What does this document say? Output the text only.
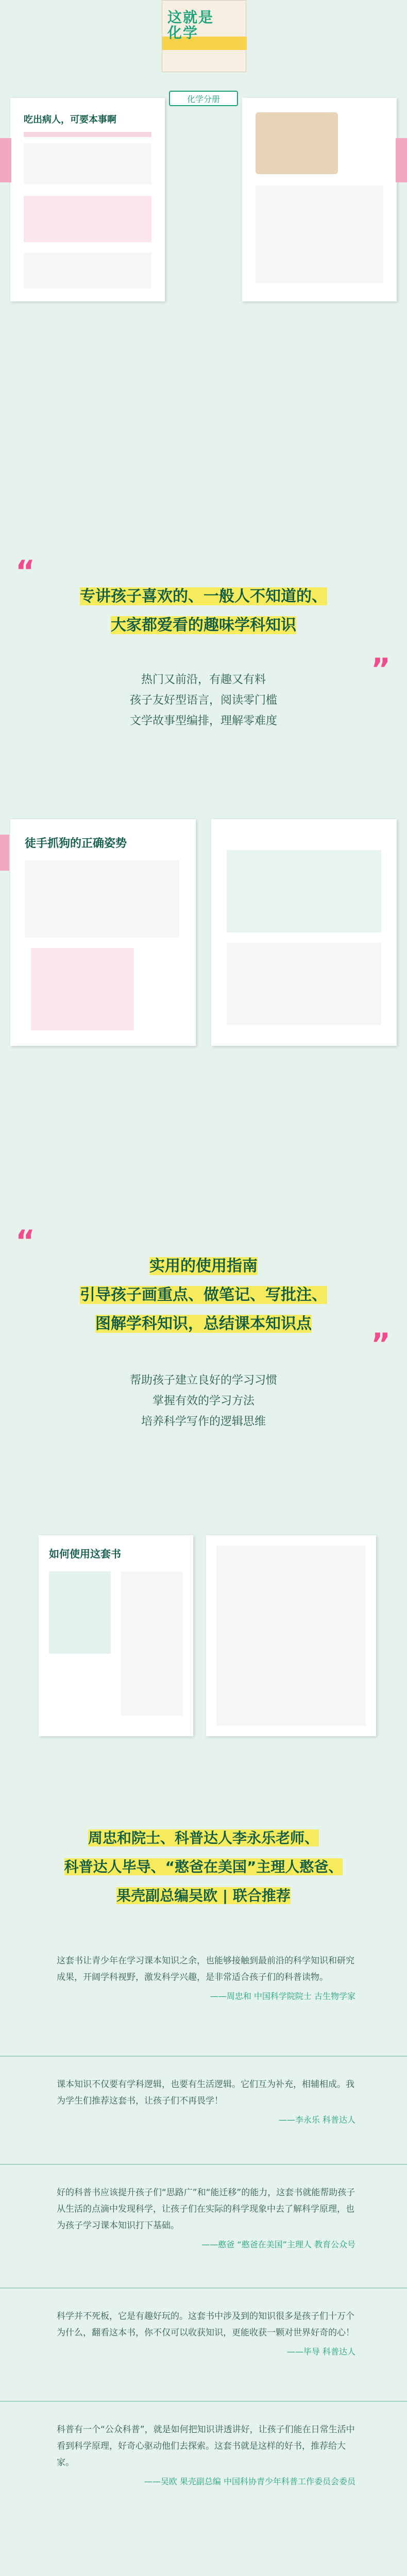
这就是
化学
化学分册
吃出病人，可要本事啊
“
”
专讲孩子喜欢的、一般人不知道的、
大家都爱看的趣味学科知识
热门又前沿，有趣又有料
孩子友好型语言，阅读零门槛
文学故事型编排，理解零难度
徒手抓狗的正确姿势
“
”
实用的使用指南
引导孩子画重点、做笔记、写批注、
图解学科知识，总结课本知识点
帮助孩子建立良好的学习习惯
掌握有效的学习方法
培养科学写作的逻辑思维
如何使用这套书
周忠和院士、科普达人李永乐老师、
科普达人毕导、“憨爸在美国”主理人憨爸、
果壳副总编吴欧 | 联合推荐
这套书让青少年在学习课本知识之余，也能够接触到最前沿的科学知识和研究成果，开阔学科视野，激发科学兴趣，是非常适合孩子们的科普读物。
——周忠和 中国科学院院士 古生物学家
课本知识不仅要有学科逻辑，也要有生活逻辑。它们互为补充，相辅相成。我为学生们推荐这套书，让孩子们不再畏学！
——李永乐 科普达人
好的科普书应该提升孩子们“思路广”和“能迁移”的能力，这套书就能帮助孩子从生活的点滴中发现科学，让孩子们在实际的科学现象中去了解科学原理，也为孩子学习课本知识打下基础。
——憨爸 “憨爸在美国”主理人 教育公众号
科学并不死板，它是有趣好玩的。这套书中涉及到的知识很多是孩子们十万个为什么，翻看这本书，你不仅可以收获知识，更能收获一颗对世界好奇的心！
——毕导 科普达人
科普有一个“公众科普”，就是如何把知识讲透讲好，让孩子们能在日常生活中看到科学原理，好奇心驱动他们去探索。这套书就是这样的好书，推荐给大家。
——吴欧 果壳副总编 中国科协青少年科普工作委员会委员
